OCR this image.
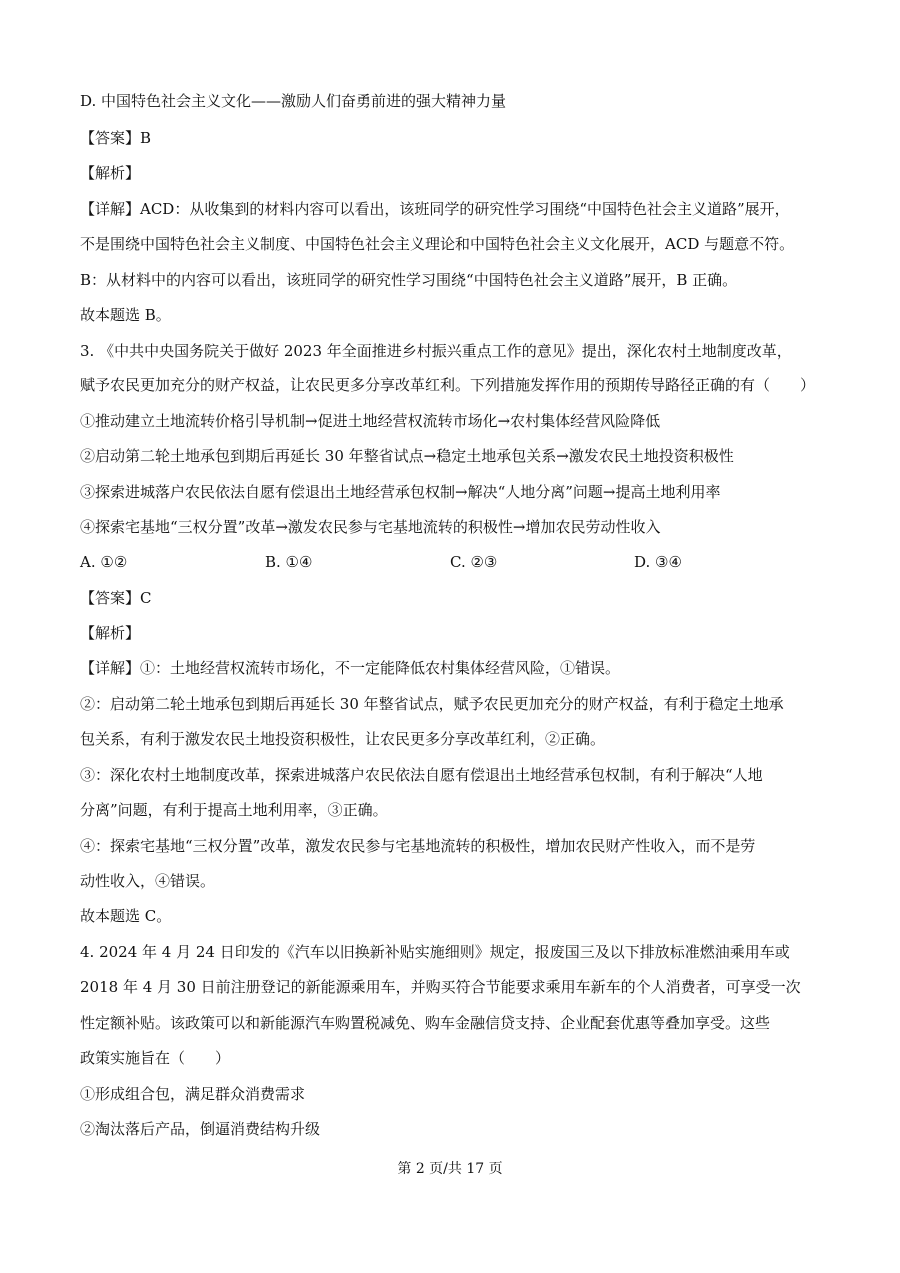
D. 中国特色社会主义文化——激励人们奋勇前进的强大精神力量
【答案】B
【解析】
【详解】ACD：从收集到的材料内容可以看出，该班同学的研究性学习围绕“中国特色社会主义道路”展开，
不是围绕中国特色社会主义制度、中国特色社会主义理论和中国特色社会主义文化展开，ACD 与题意不符。
B：从材料中的内容可以看出，该班同学的研究性学习围绕“中国特色社会主义道路”展开，B 正确。
故本题选 B。
3. 《中共中央国务院关于做好 2023 年全面推进乡村振兴重点工作的意见》提出，深化农村土地制度改革，
赋予农民更加充分的财产权益，让农民更多分享改革红利。下列措施发挥作用的预期传导路径正确的有（　　）
①推动建立土地流转价格引导机制→促进土地经营权流转市场化→农村集体经营风险降低
②启动第二轮土地承包到期后再延长 30 年整省试点→稳定土地承包关系→激发农民土地投资积极性
③探索进城落户农民依法自愿有偿退出土地经营承包权制→解决“人地分离”问题→提高土地利用率
④探索宅基地“三权分置”改革→激发农民参与宅基地流转的积极性→增加农民劳动性收入
A. ①②	B. ①④	C. ②③	D. ③④
【答案】C
【解析】
【详解】①：土地经营权流转市场化，不一定能降低农村集体经营风险，①错误。
②：启动第二轮土地承包到期后再延长 30 年整省试点，赋予农民更加充分的财产权益，有利于稳定土地承
包关系，有利于激发农民土地投资积极性，让农民更多分享改革红利，②正确。
③：深化农村土地制度改革，探索进城落户农民依法自愿有偿退出土地经营承包权制，有利于解决“人地
分离”问题，有利于提高土地利用率，③正确。
④：探索宅基地“三权分置”改革，激发农民参与宅基地流转的积极性，增加农民财产性收入，而不是劳
动性收入，④错误。
故本题选 C。
4. 2024 年 4 月 24 日印发的《汽车以旧换新补贴实施细则》规定，报废国三及以下排放标准燃油乘用车或
2018 年 4 月 30 日前注册登记的新能源乘用车，并购买符合节能要求乘用车新车的个人消费者，可享受一次
性定额补贴。该政策可以和新能源汽车购置税减免、购车金融信贷支持、企业配套优惠等叠加享受。这些
政策实施旨在（　　）
①形成组合包，满足群众消费需求
②淘汰落后产品，倒逼消费结构升级
第 2 页/共 17 页
